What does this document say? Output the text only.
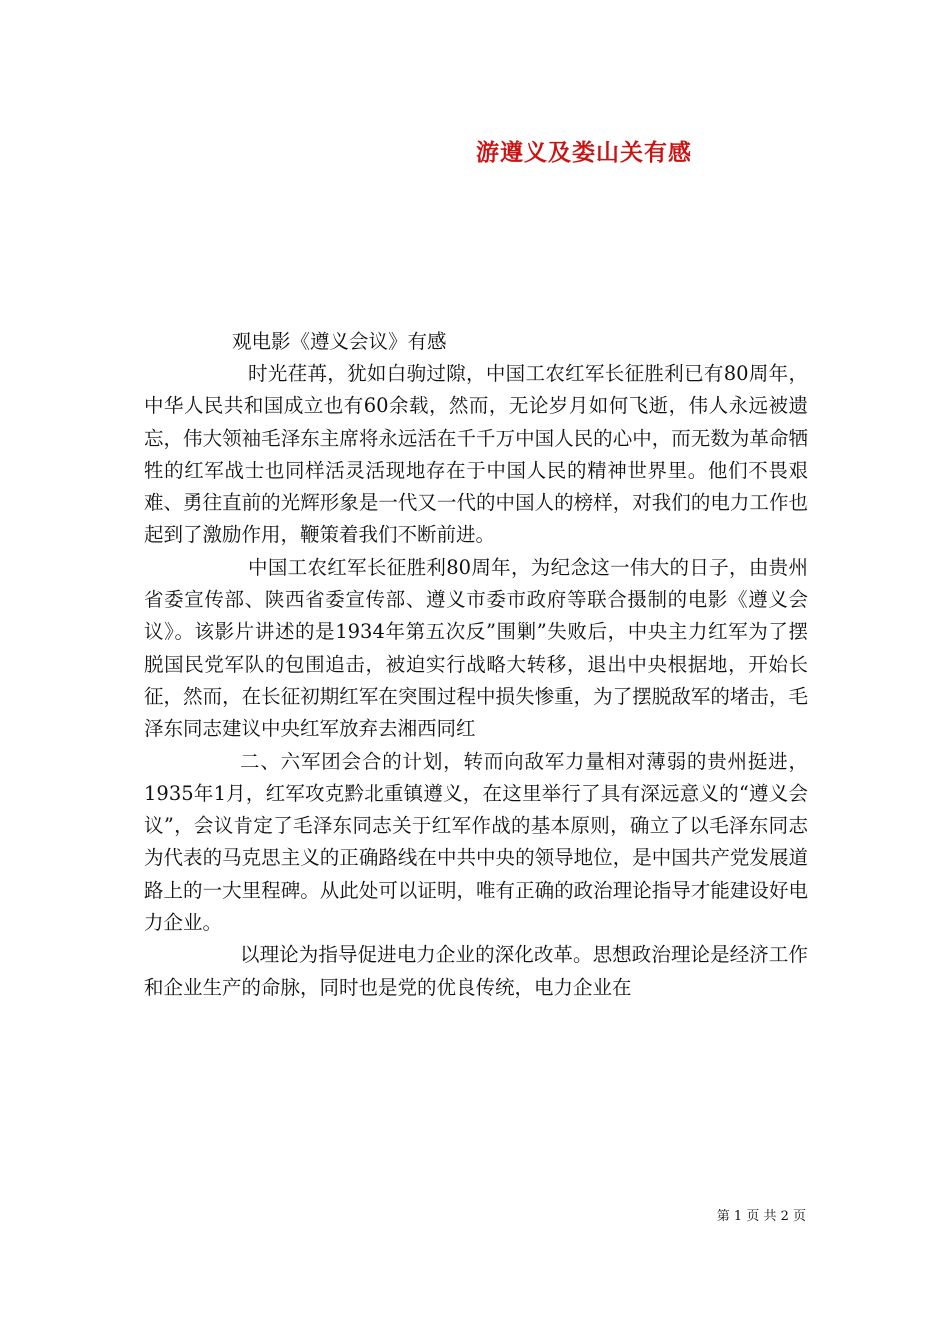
游遵义及娄山关有感
观电影《遵义会议》有感

时光荏苒，犹如白驹过隙，中国工农红军长征胜利已有80周年，中华人民共和国成立也有60余载，然而，无论岁月如何飞逝，伟人永远被遗忘，伟大领袖毛泽东主席将永远活在千千万中国人民的心中，而无数为革命牺牲的红军战士也同样活灵活现地存在于中国人民的精神世界里。他们不畏艰难、勇往直前的光辉形象是一代又一代的中国人的榜样，对我们的电力工作也起到了激励作用，鞭策着我们不断前进。

中国工农红军长征胜利80周年，为纪念这一伟大的日子，由贵州省委宣传部、陕西省委宣传部、遵义市委市政府等联合摄制的电影《遵义会议》。该影片讲述的是1934年第五次反”围剿”失败后，中央主力红军为了摆脱国民党军队的包围追击，被迫实行战略大转移，退出中央根据地，开始长征，然而，在长征初期红军在突围过程中损失惨重，为了摆脱敌军的堵击，毛泽东同志建议中央红军放弃去湘西同红

二、六军团会合的计划，转而向敌军力量相对薄弱的贵州挺进，1935年1月，红军攻克黔北重镇遵义，在这里举行了具有深远意义的“遵义会议”，会议肯定了毛泽东同志关于红军作战的基本原则，确立了以毛泽东同志为代表的马克思主义的正确路线在中共中央的领导地位，是中国共产党发展道路上的一大里程碑。从此处可以证明，唯有正确的政治理论指导才能建设好电力企业。

以理论为指导促进电力企业的深化改革。思想政治理论是经济工作和企业生产的命脉，同时也是党的优良传统，电力企业在

第 1 页 共 2 页
